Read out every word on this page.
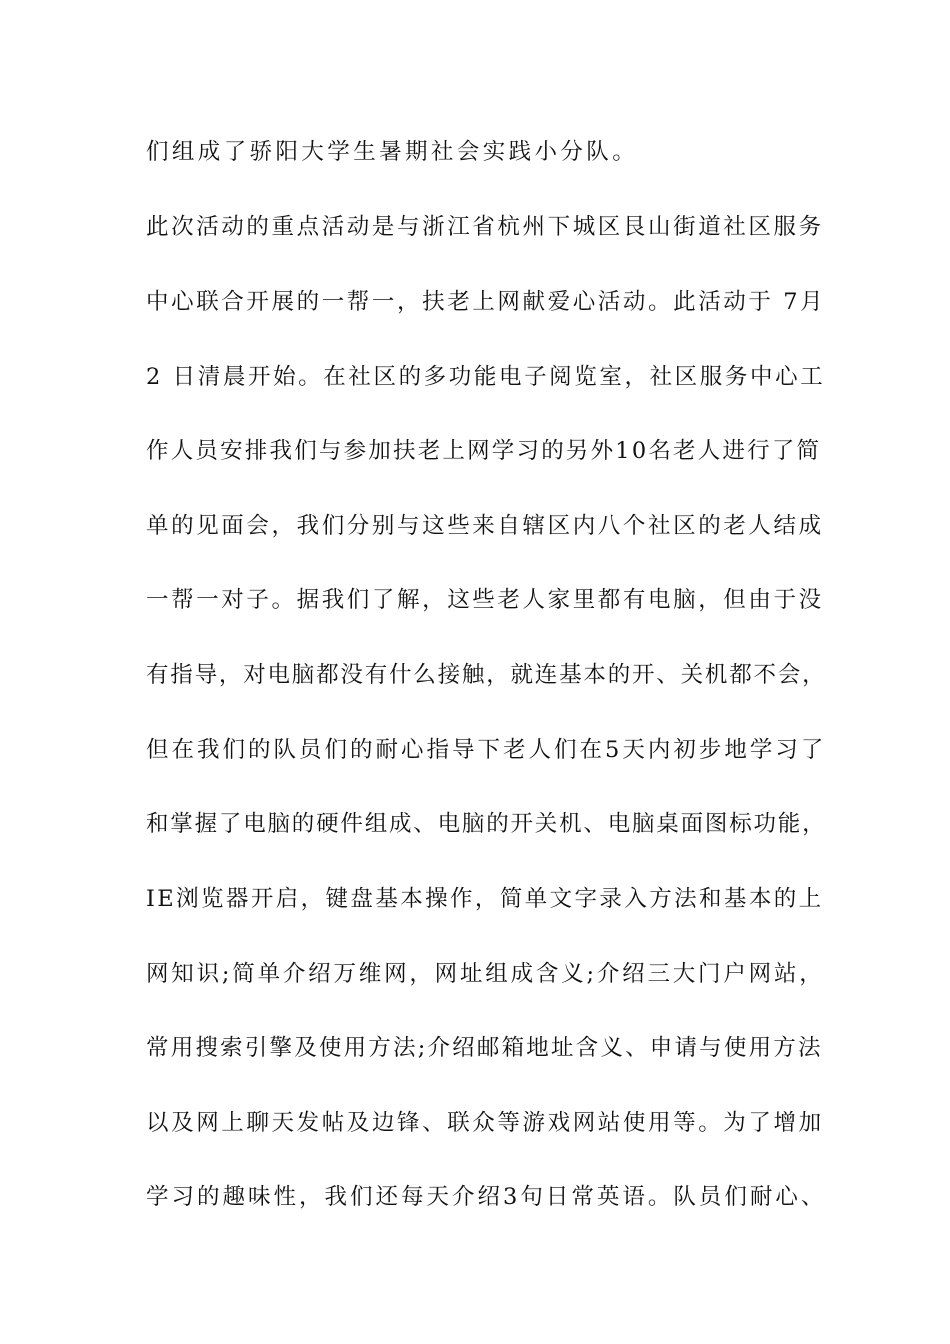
们组成了骄阳大学生暑期社会实践小分队。
此次活动的重点活动是与浙江省杭州下城区艮山街道社区服务
中心联合开展的一帮一，扶老上网献爱心活动。此活动于 7月
2 日清晨开始。在社区的多功能电子阅览室，社区服务中心工
作人员安排我们与参加扶老上网学习的另外10名老人进行了简
单的见面会，我们分别与这些来自辖区内八个社区的老人结成
一帮一对子。据我们了解，这些老人家里都有电脑，但由于没
有指导，对电脑都没有什么接触，就连基本的开、关机都不会，
但在我们的队员们的耐心指导下老人们在5天内初步地学习了
和掌握了电脑的硬件组成、电脑的开关机、电脑桌面图标功能，
IE浏览器开启，键盘基本操作，简单文字录入方法和基本的上
网知识;简单介绍万维网，网址组成含义;介绍三大门户网站，
常用搜索引擎及使用方法;介绍邮箱地址含义、申请与使用方法
以及网上聊天发帖及边锋、联众等游戏网站使用等。为了增加
学习的趣味性，我们还每天介绍3句日常英语。队员们耐心、
